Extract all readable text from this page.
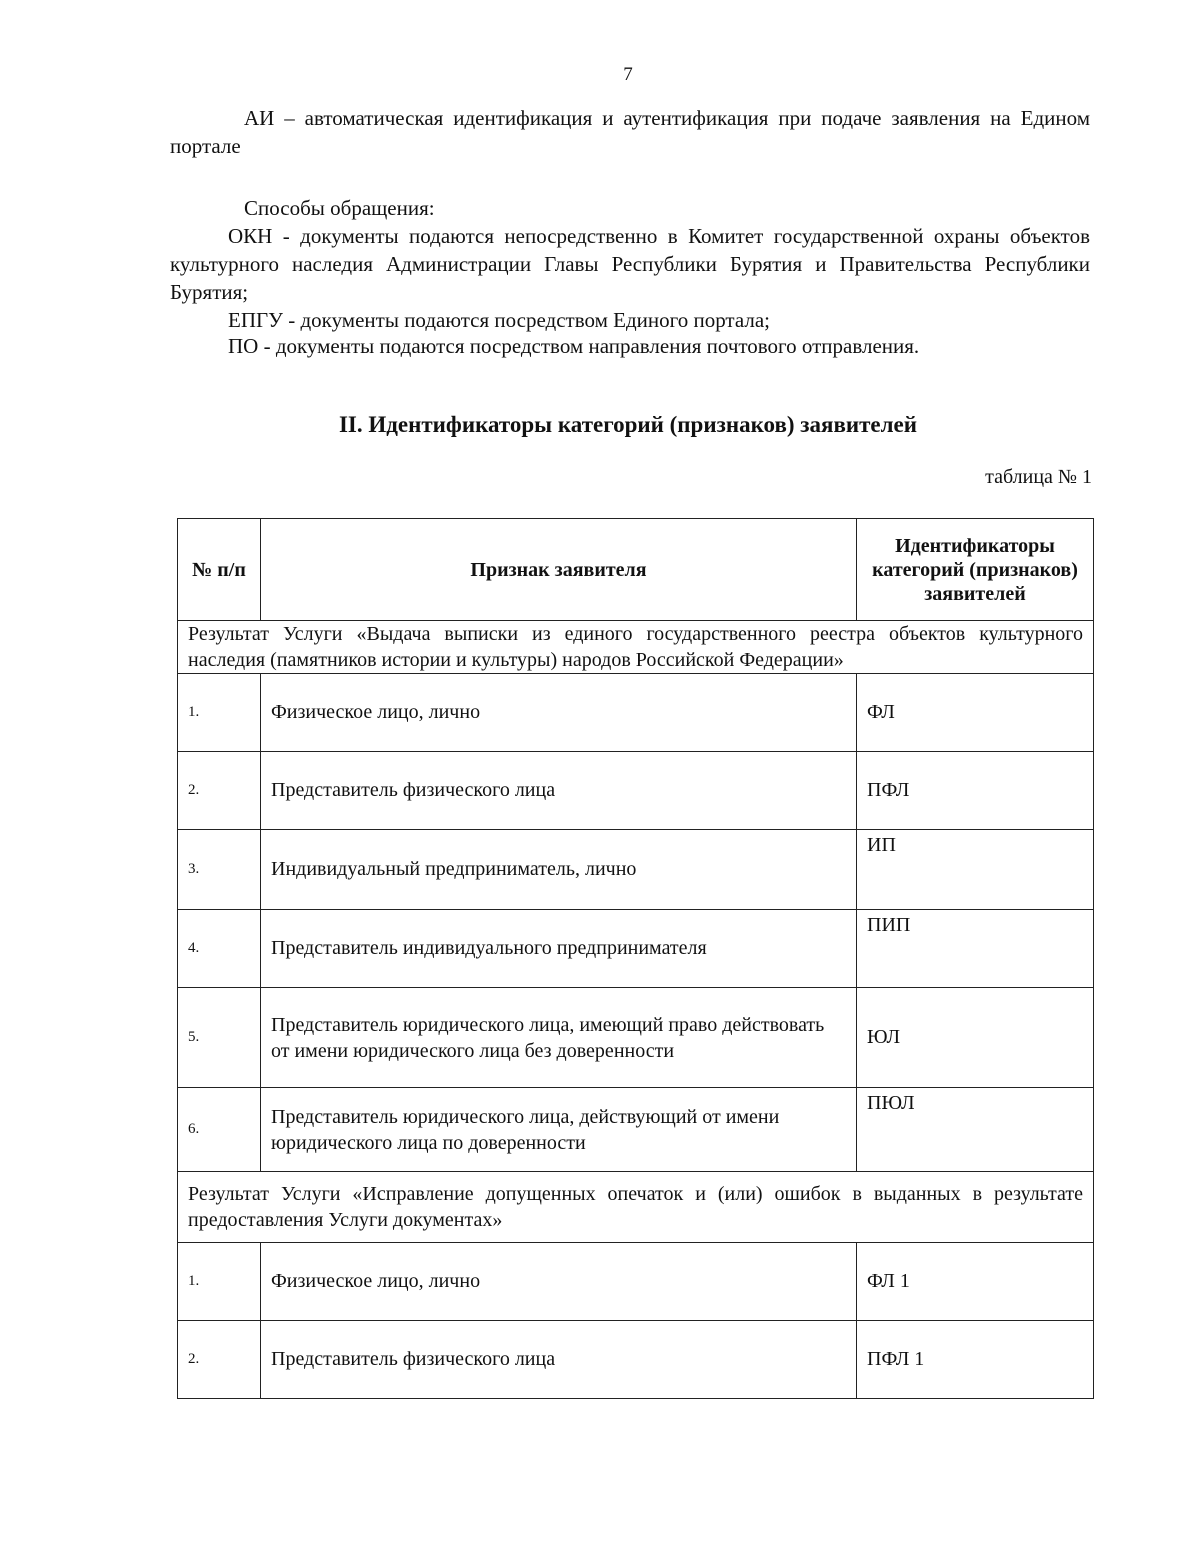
7

АИ – автоматическая идентификация и аутентификация при подаче заявления на Едином портале

Способы обращения:

ОКН - документы подаются непосредственно в Комитет государственной охраны объектов культурного наследия Администрации Главы Республики Бурятия и Правительства Республики Бурятия;

ЕПГУ - документы подаются посредством Единого портала;

ПО - документы подаются посредством направления почтового отправления.

II. Идентификаторы категорий (признаков) заявителей
таблица № 1
№ п/п	Признак заявителя	Идентификаторы категорий (признаков) заявителей
Результат Услуги «Выдача выписки из единого государственного реестра объектов культурного наследия (памятников истории и культуры) народов Российской Федерации»		
1.	Физическое лицо, лично	ФЛ
2.	Представитель физического лица	ПФЛ
3.	Индивидуальный предприниматель, лично	ИП
4.	Представитель индивидуального предпринимателя	ПИП
5.	Представитель юридического лица, имеющий право действовать от имени юридического лица без доверенности	ЮЛ
6.	Представитель юридического лица, действующий от имени юридического лица по доверенности	ПЮЛ
Результат Услуги «Исправление допущенных опечаток и (или) ошибок в выданных в результате предоставления Услуги документах»		
1.	Физическое лицо, лично	ФЛ 1
2.	Представитель физического лица	ПФЛ 1
